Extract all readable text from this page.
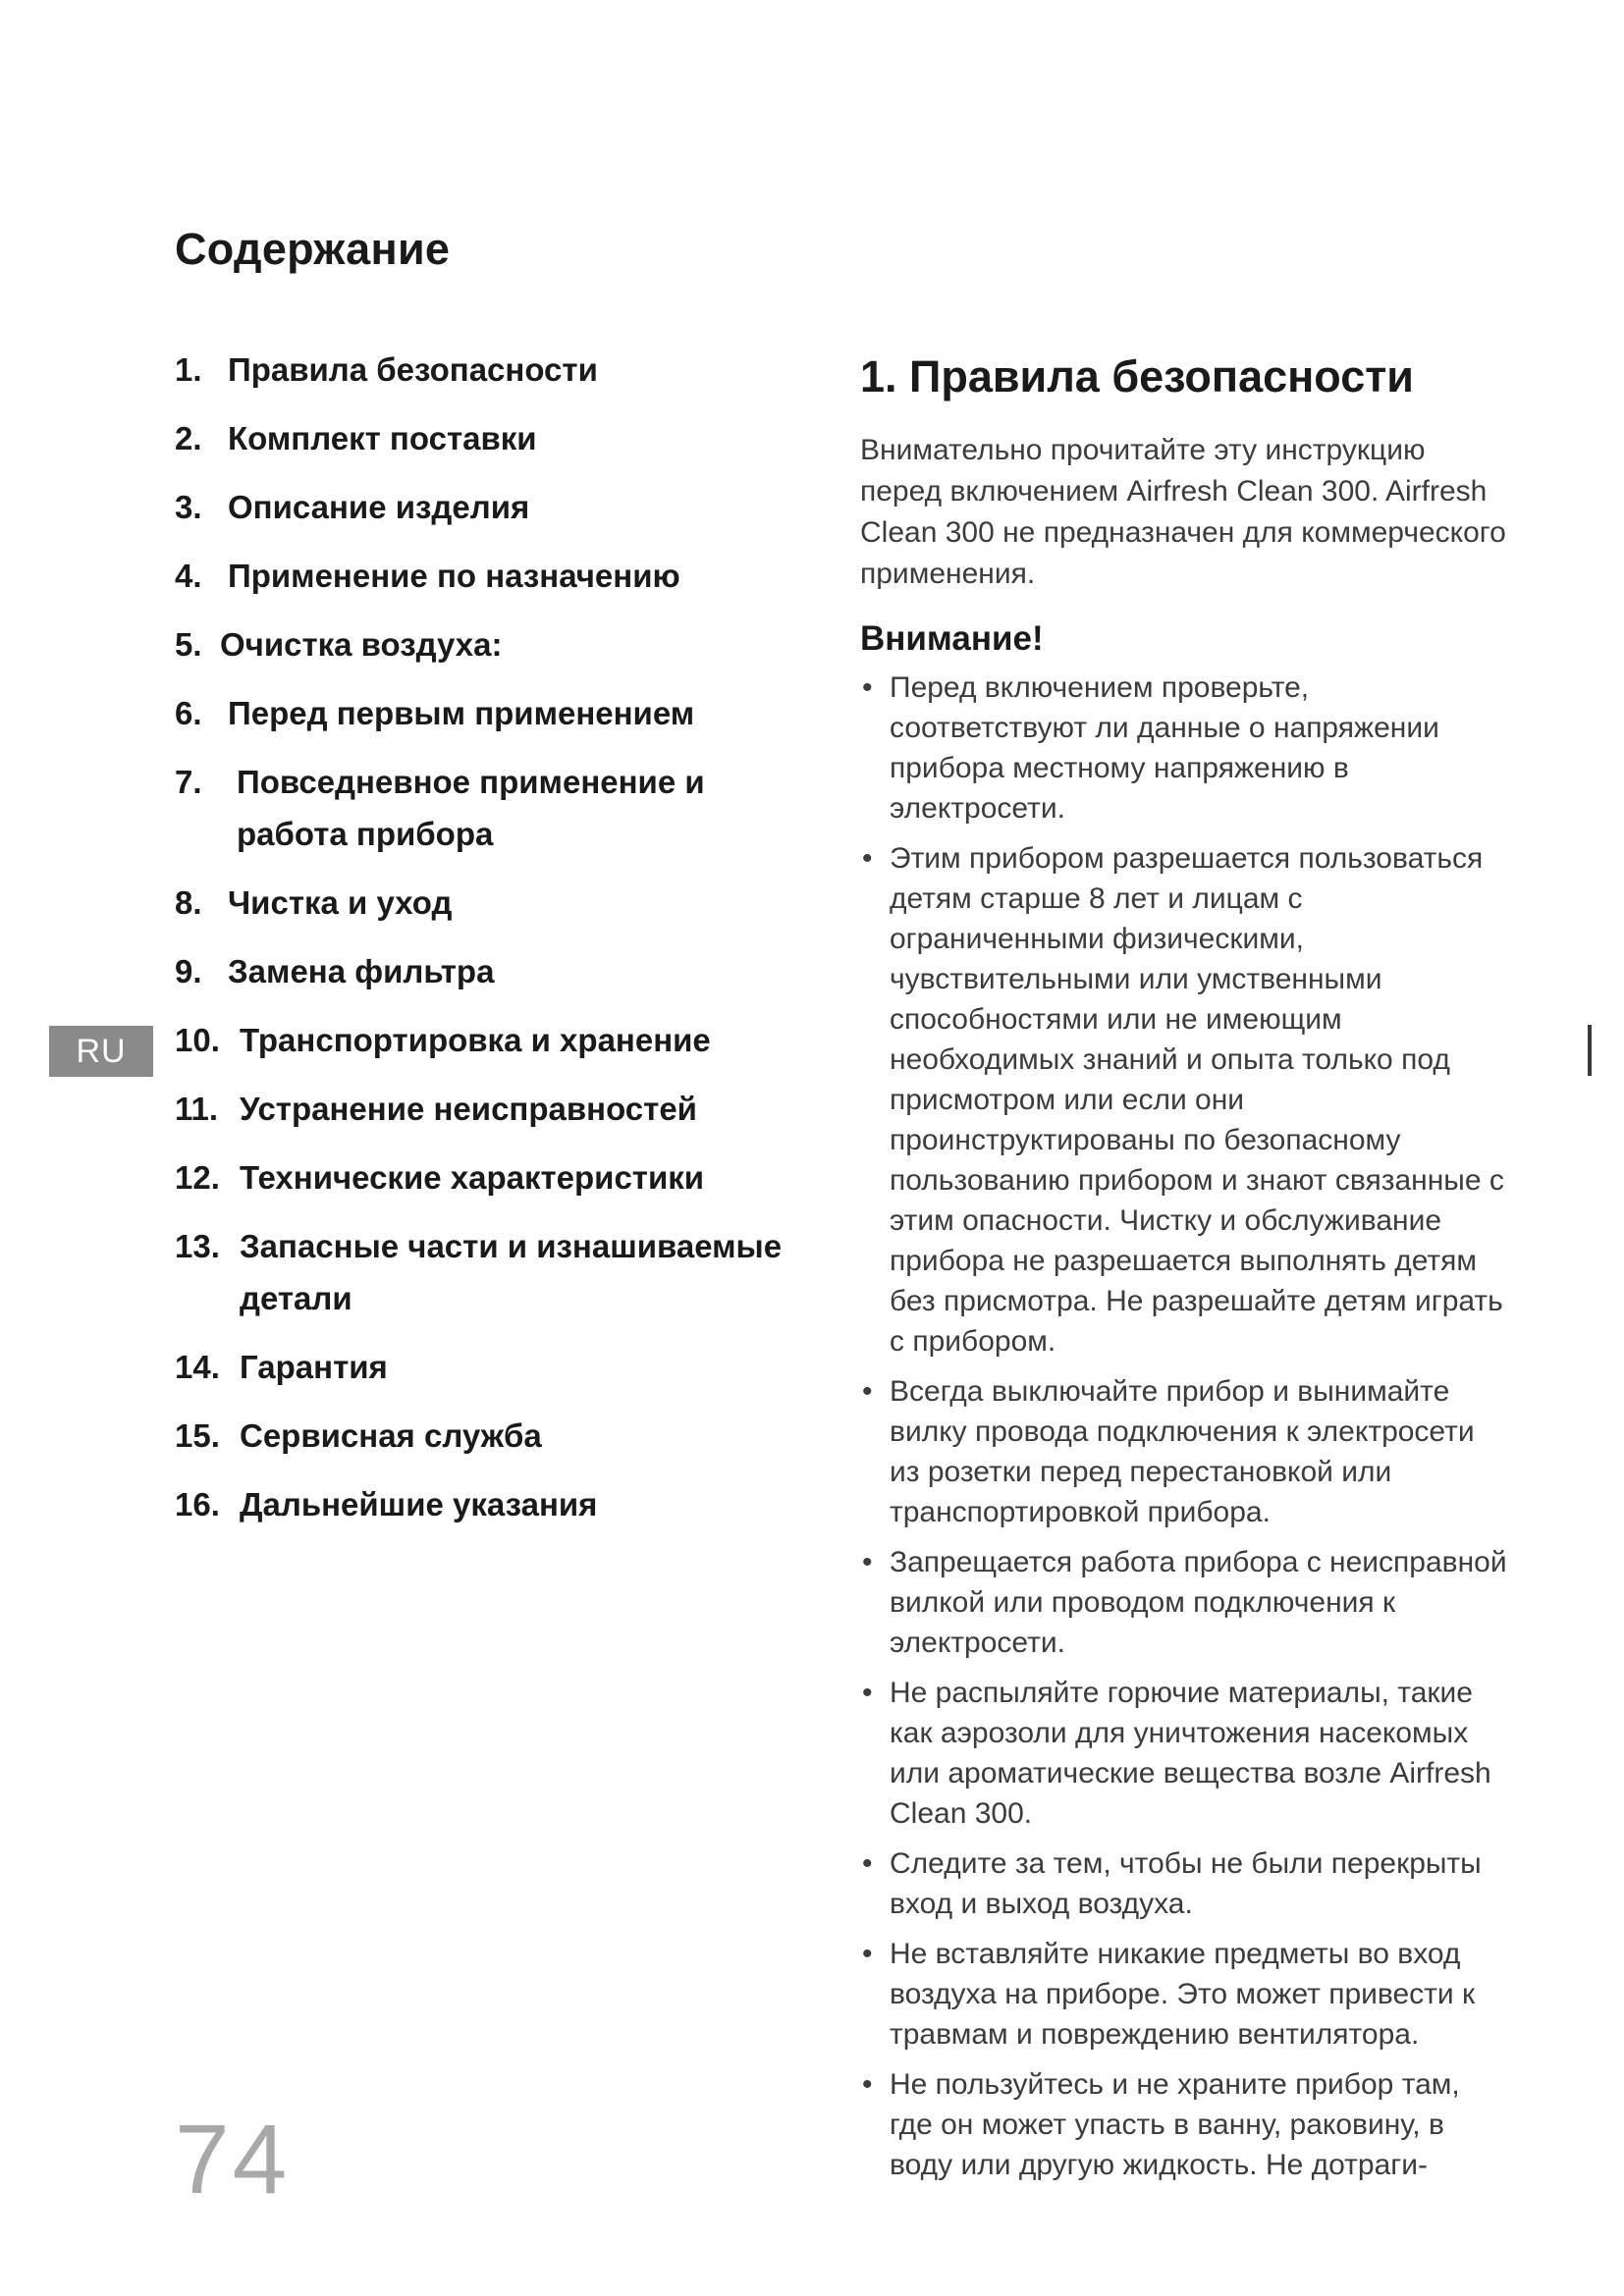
Содержание
1. Правила безопасности
2. Комплект поставки
3. Описание изделия
4. Применение по назначению
5. Очистка воздуха:
6. Перед первым применением
7.	Повседневное применение и работа прибора
8. Чистка и уход
9. Замена фильтра
10. Транспортировка и хранение
11. Устранение неисправностей
12. Технические характеристики
13. Запасные части и изнашиваемые детали
14. Гарантия
15. Сервисная служба
16. Дальнейшие указания
RU
74
1. Правила безопасности

Внимательно прочитайте эту инструкцию перед включением Airfresh Clean 300. Airfresh Clean 300 не предназначен для коммерческого применения.

Внимание!
• Перед включением проверьте, соответствуют ли данные о напряжении прибора местному напряжению в электросети.
• Этим прибором разрешается пользоваться детям старше 8 лет и лицам с ограниченными физическими, чувствительными или умственными способностями или не имеющим необходимых знаний и опыта только под присмотром или если они проинструктированы по безопасному пользованию прибором и знают связанные с этим опасности. Чистку и обслуживание прибора не разрешается выполнять детям без присмотра. Не разрешайте детям играть с прибором.
• Всегда выключайте прибор и вынимайте вилку провода подключения к электросети из розетки перед перестановкой или транспортировкой прибора.
• Запрещается работа прибора с неисправной вилкой или проводом подключения к электросети.
• Не распыляйте горючие материалы, такие как аэрозоли для уничтожения насекомых или ароматические вещества возле Airfresh Clean 300.
• Следите за тем, чтобы не были перекрыты вход и выход воздуха.
• Не вставляйте никакие предметы во вход воздуха на приборе. Это может привести к травмам и повреждению вентилятора.
• Не пользуйтесь и не храните прибор там, где он может упасть в ванну, раковину, в воду или другую жидкость. Не дотраги-
